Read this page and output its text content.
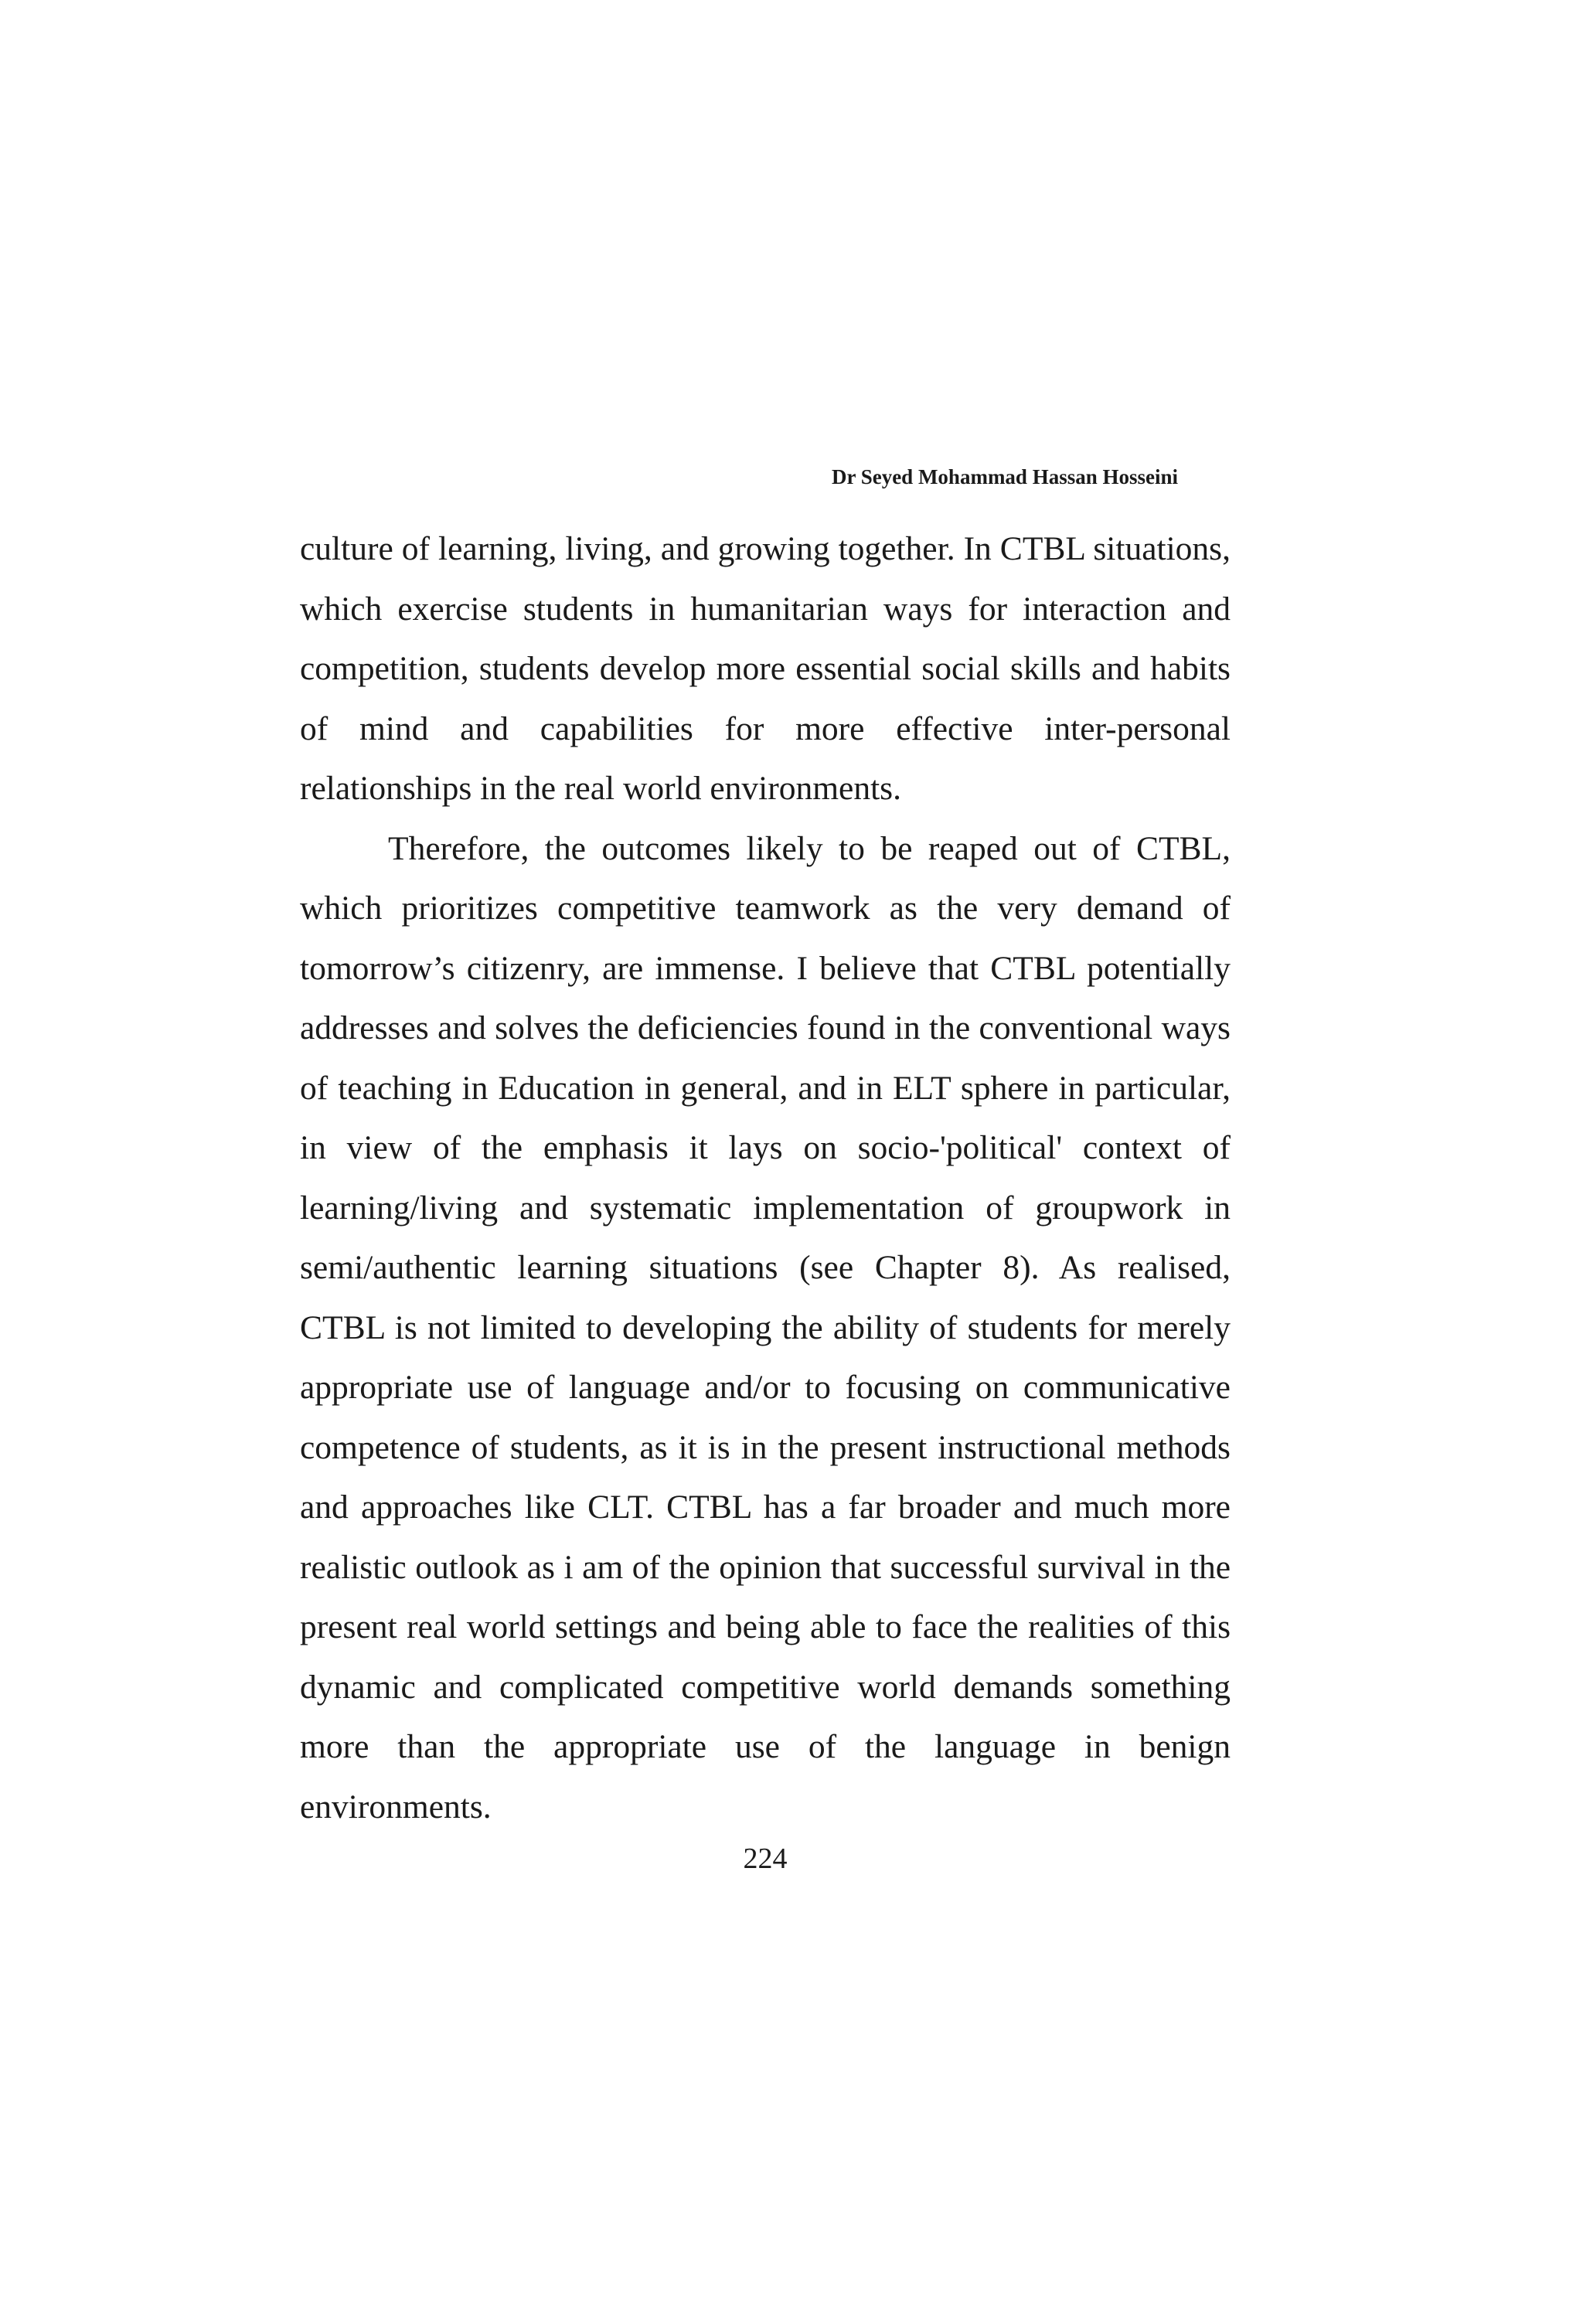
Dr Seyed Mohammad Hassan Hosseini

culture of learning, living, and growing together. In CTBL situations, which exercise students in humanitarian ways for interaction and competition, students develop more essential social skills and habits of mind and capabilities for more effective inter-personal relationships in the real world environments.

Therefore, the outcomes likely to be reaped out of CTBL, which prioritizes competitive teamwork as the very demand of tomorrow’s citizenry, are immense. I believe that CTBL potentially addresses and solves the deficiencies found in the conventional ways of teaching in Education in general, and in ELT sphere in particular, in view of the emphasis it lays on socio-'political' context of learning/living and systematic implementation of groupwork in semi/authentic learning situations (see Chapter 8). As realised, CTBL is not limited to developing the ability of students for merely appropriate use of language and/or to focusing on communicative competence of students, as it is in the present instructional methods and approaches like CLT. CTBL has a far broader and much more realistic outlook as i am of the opinion that successful survival in the present real world settings and being able to face the realities of this dynamic and complicated competitive world demands something more than the appropriate use of the language in benign environments.

224
